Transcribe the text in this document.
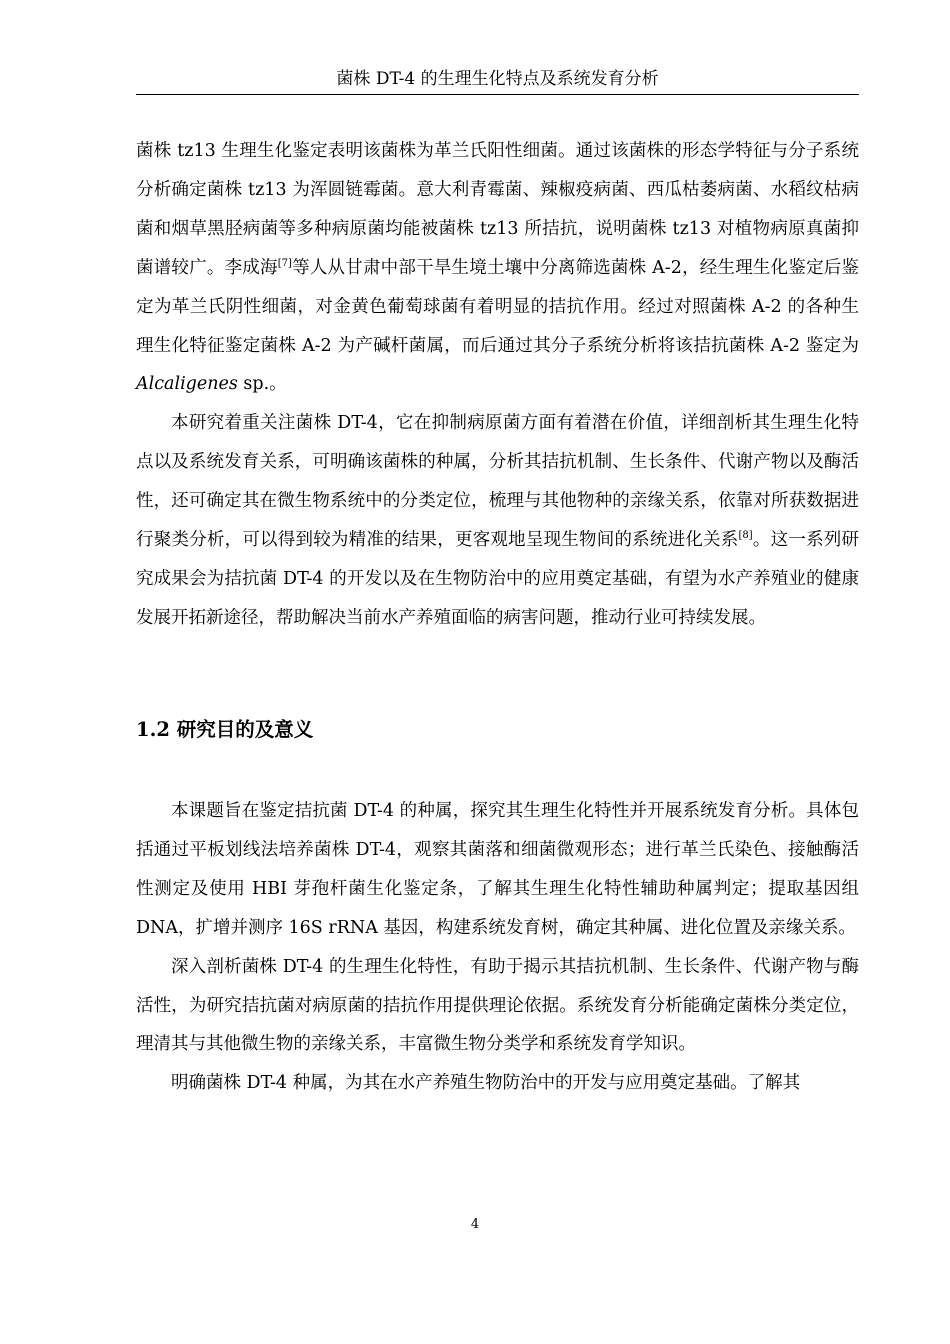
菌株 DT-4 的生理生化特点及系统发育分析

菌株 tz13 生理生化鉴定表明该菌株为革兰氏阳性细菌。通过该菌株的形态学特征与分子系统分析确定菌株 tz13 为浑圆链霉菌。意大利青霉菌、辣椒疫病菌、西瓜枯萎病菌、水稻纹枯病菌和烟草黑胫病菌等多种病原菌均能被菌株 tz13 所拮抗，说明菌株 tz13 对植物病原真菌抑菌谱较广。李成海[7]等人从甘肃中部干旱生境土壤中分离筛选菌株 A-2，经生理生化鉴定后鉴定为革兰氏阴性细菌，对金黄色葡萄球菌有着明显的拮抗作用。经过对照菌株 A-2 的各种生理生化特征鉴定菌株 A-2 为产碱杆菌属，而后通过其分子系统分析将该拮抗菌株 A-2 鉴定为 Alcaligenes sp.。

本研究着重关注菌株 DT-4，它在抑制病原菌方面有着潜在价值，详细剖析其生理生化特点以及系统发育关系，可明确该菌株的种属，分析其拮抗机制、生长条件、代谢产物以及酶活性，还可确定其在微生物系统中的分类定位，梳理与其他物种的亲缘关系，依靠对所获数据进行聚类分析，可以得到较为精准的结果，更客观地呈现生物间的系统进化关系[8]。这一系列研究成果会为拮抗菌 DT-4 的开发以及在生物防治中的应用奠定基础，有望为水产养殖业的健康发展开拓新途径，帮助解决当前水产养殖面临的病害问题，推动行业可持续发展。

1.2 研究目的及意义

本课题旨在鉴定拮抗菌 DT-4 的种属，探究其生理生化特性并开展系统发育分析。具体包括通过平板划线法培养菌株 DT-4，观察其菌落和细菌微观形态；进行革兰氏染色、接触酶活性测定及使用 HBI 芽孢杆菌生化鉴定条，了解其生理生化特性辅助种属判定；提取基因组 DNA，扩增并测序 16S rRNA 基因，构建系统发育树，确定其种属、进化位置及亲缘关系。

深入剖析菌株 DT-4 的生理生化特性，有助于揭示其拮抗机制、生长条件、代谢产物与酶活性，为研究拮抗菌对病原菌的拮抗作用提供理论依据。系统发育分析能确定菌株分类定位，理清其与其他微生物的亲缘关系，丰富微生物分类学和系统发育学知识。

明确菌株 DT-4 种属，为其在水产养殖生物防治中的开发与应用奠定基础。了解其

4
